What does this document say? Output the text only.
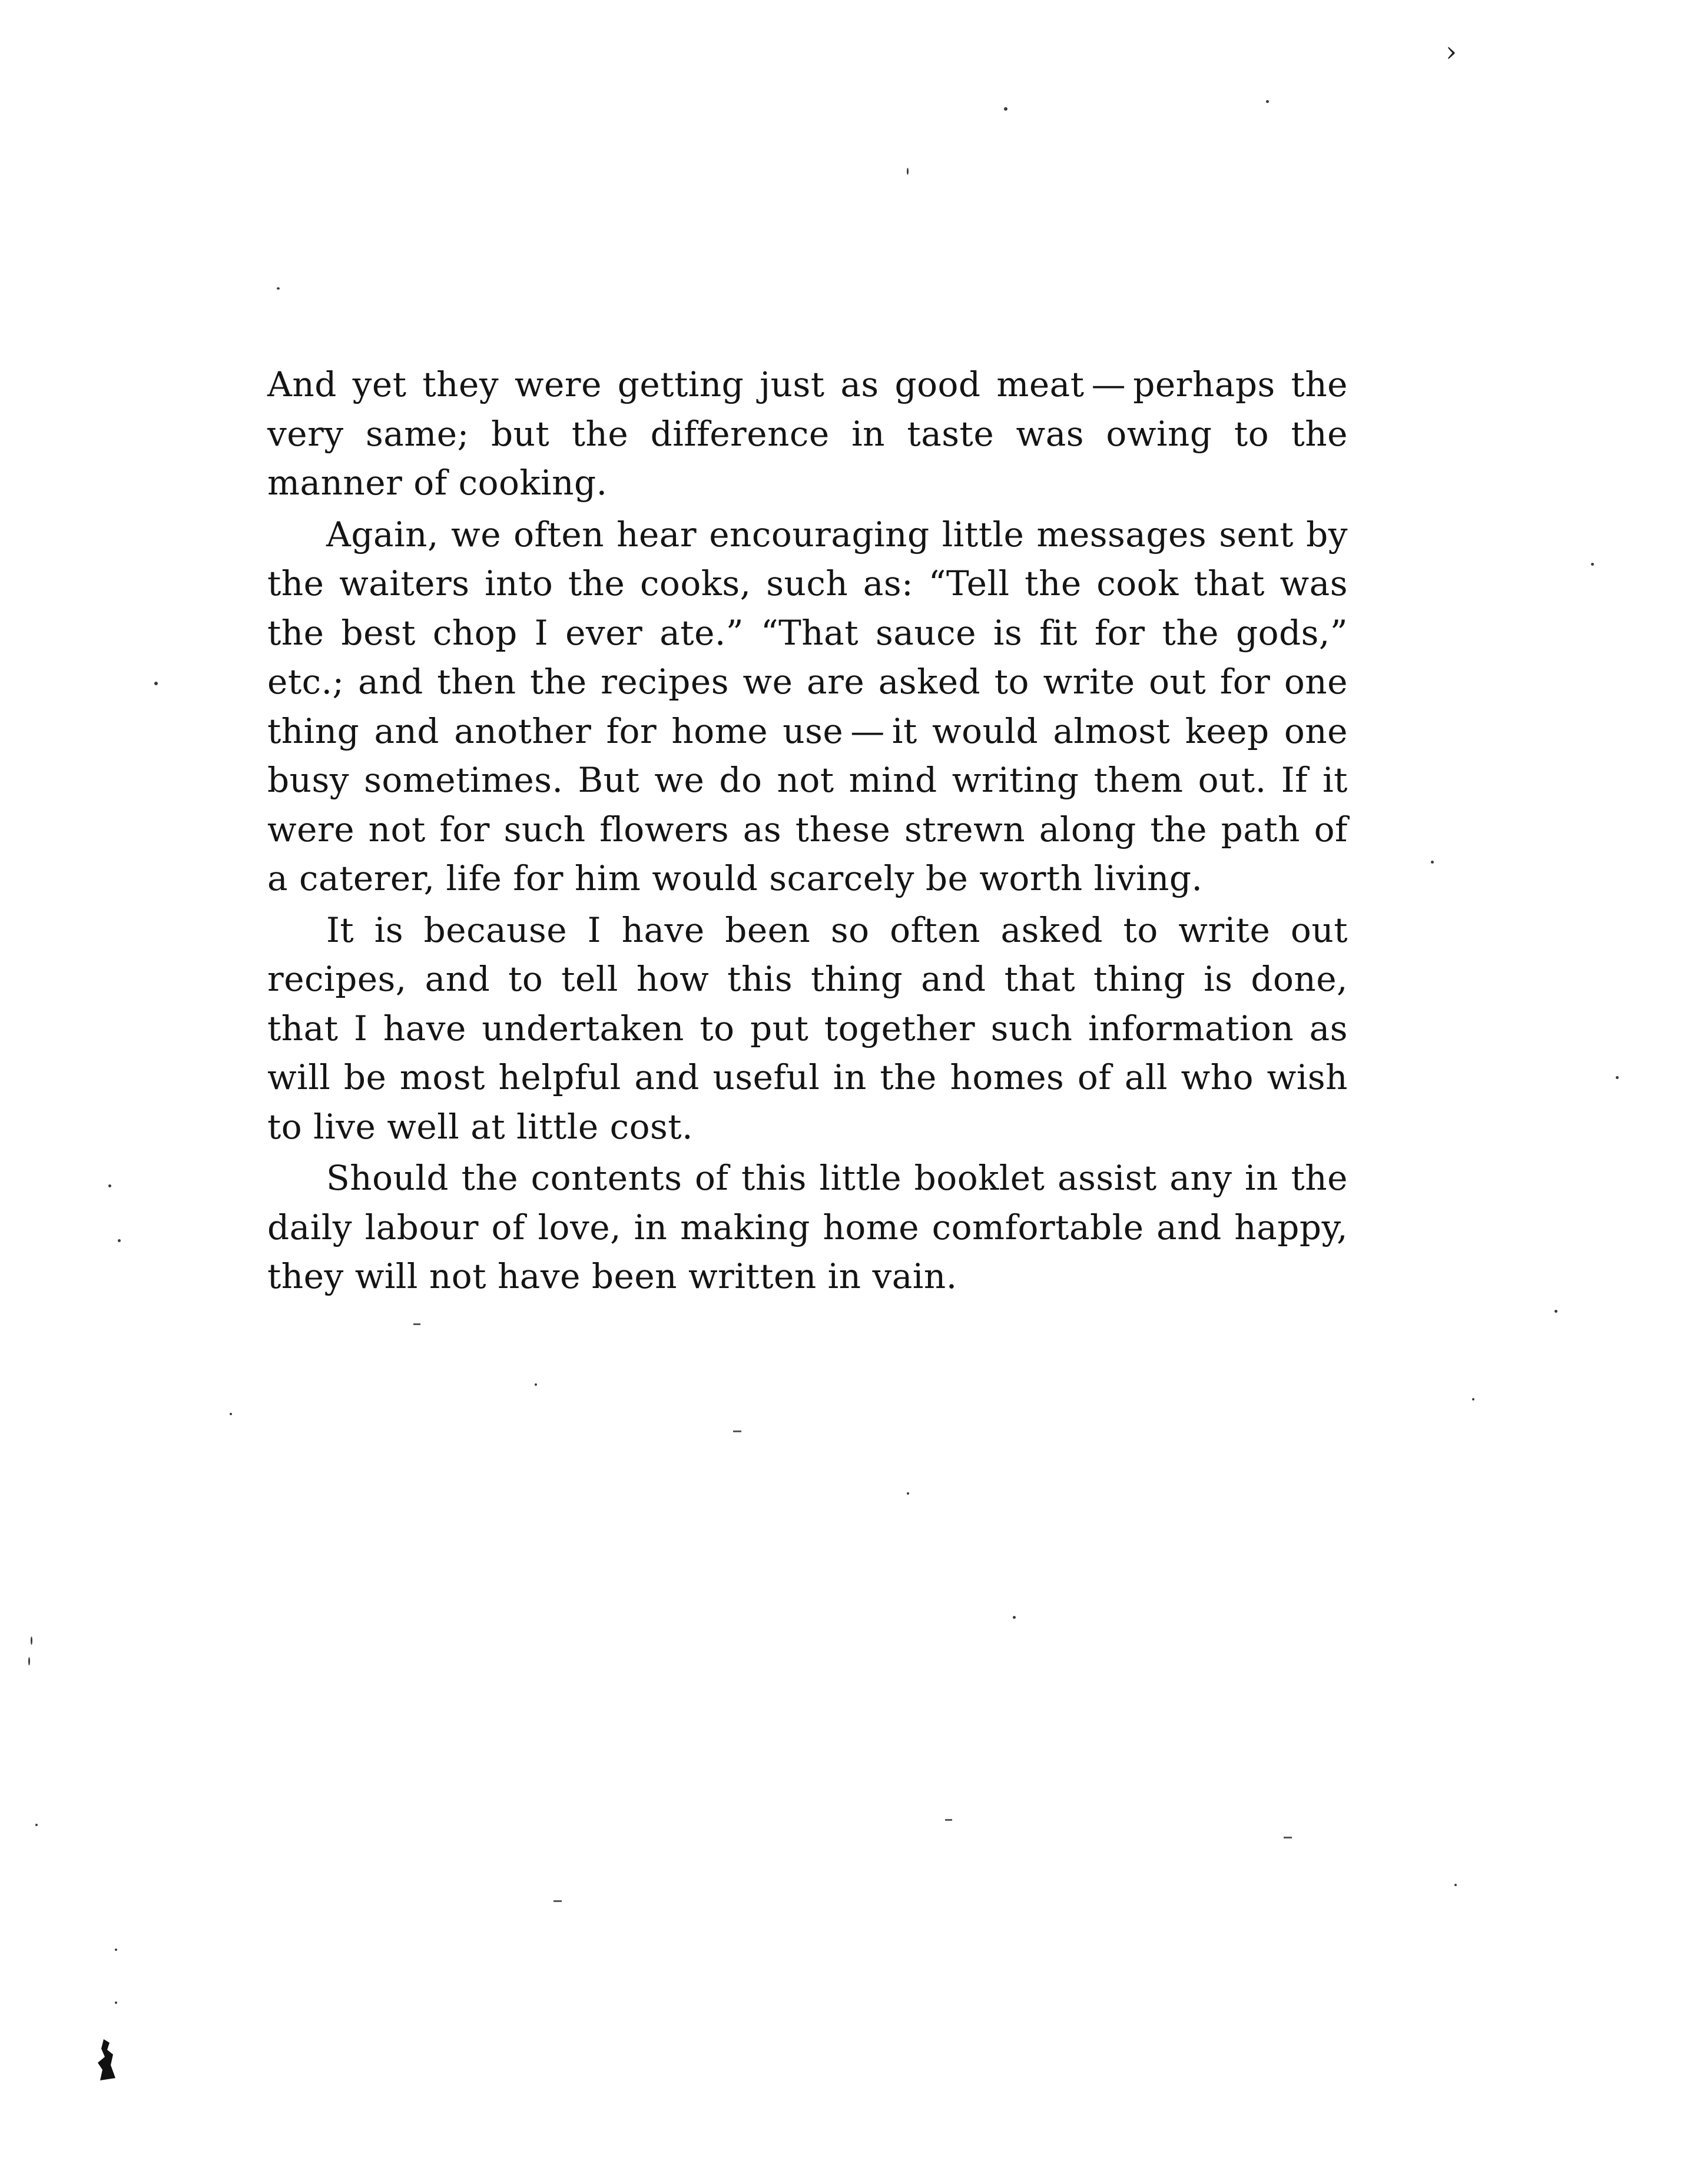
›

And yet they were getting just as good meat — perhaps the very same; but the difference in taste was owing to the manner of cooking.

Again, we often hear encouraging little messages sent by the waiters into the cooks, such as: “Tell the cook that was the best chop I ever ate.” “That sauce is fit for the gods,” etc.; and then the recipes we are asked to write out for one thing and another for home use — it would almost keep one busy sometimes. But we do not mind writing them out. If it were not for such flowers as these strewn along the path of a caterer, life for him would scarcely be worth living.

It is because I have been so often asked to write out recipes, and to tell how this thing and that thing is done, that I have undertaken to put together such information as will be most helpful and useful in the homes of all who wish to live well at little cost.

Should the contents of this little booklet assist any in the daily labour of love, in making home comfortable and happy, they will not have been written in vain.
